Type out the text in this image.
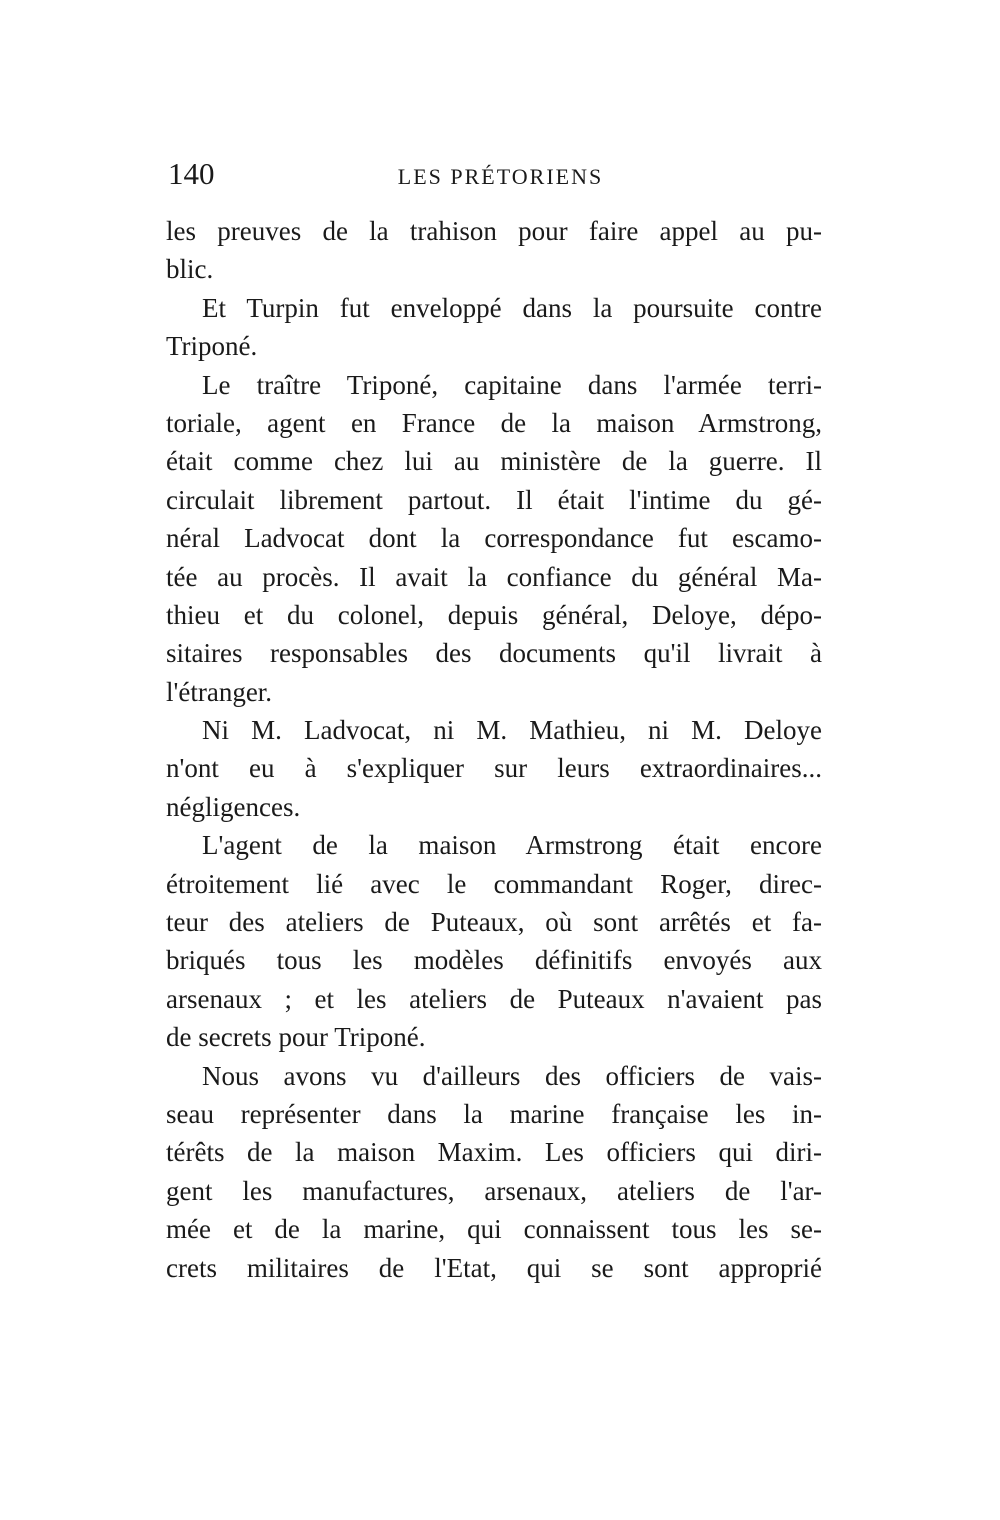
140	LES PRÉTORIENS
les preuves de la trahison pour faire appel au pu-
blic.
Et Turpin fut enveloppé dans la poursuite contre
Triponé.
Le traître Triponé, capitaine dans l'armée terri-
toriale, agent en France de la maison Armstrong,
était comme chez lui au ministère de la guerre. Il
circulait librement partout. Il était l'intime du gé-
néral Ladvocat dont la correspondance fut escamo-
tée au procès. Il avait la confiance du général Ma-
thieu et du colonel, depuis général, Deloye, dépo-
sitaires responsables des documents qu'il livrait à
l'étranger.
Ni M. Ladvocat, ni M. Mathieu, ni M. Deloye
n'ont eu à s'expliquer sur leurs extraordinaires...
négligences.
L'agent de la maison Armstrong était encore
étroitement lié avec le commandant Roger, direc-
teur des ateliers de Puteaux, où sont arrêtés et fa-
briqués tous les modèles définitifs envoyés aux
arsenaux ; et les ateliers de Puteaux n'avaient pas
de secrets pour Triponé.
Nous avons vu d'ailleurs des officiers de vais-
seau représenter dans la marine française les in-
térêts de la maison Maxim. Les officiers qui diri-
gent les manufactures, arsenaux, ateliers de l'ar-
mée et de la marine, qui connaissent tous les se-
crets militaires de l'Etat, qui se sont approprié
